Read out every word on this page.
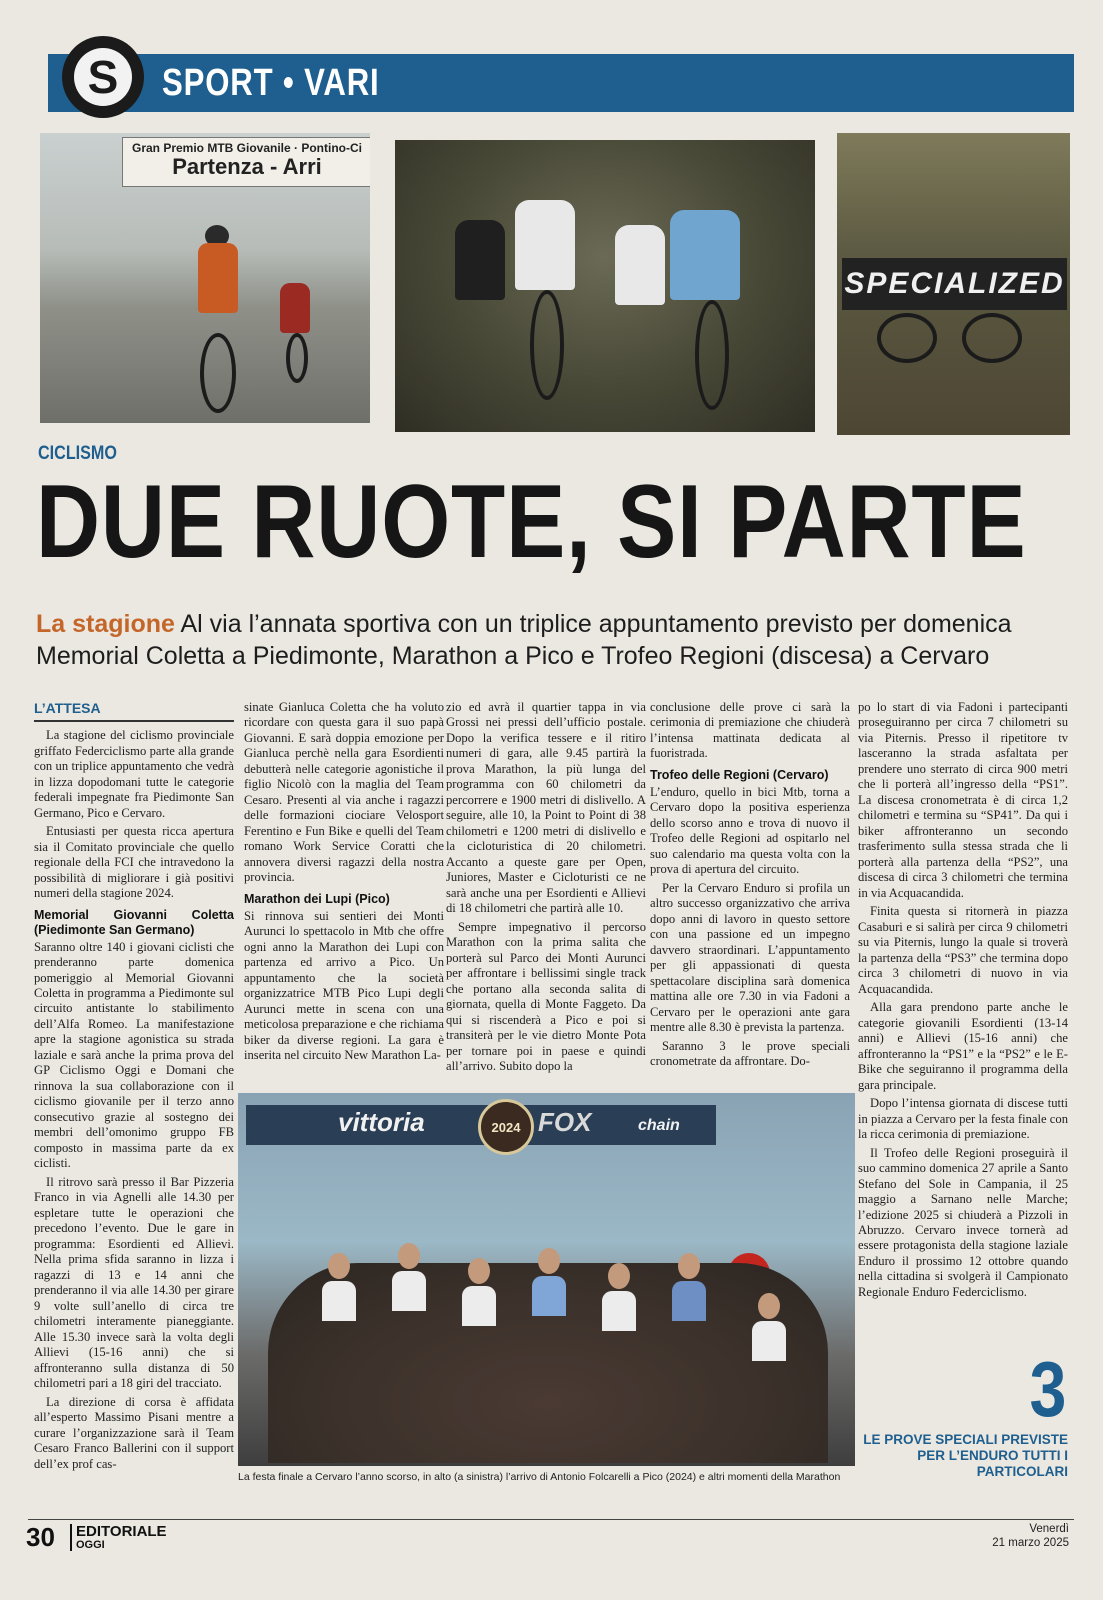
S	SPORT • VARI
Gran Premio MTB Giovanile · Pontino-Ci
Partenza - Arri
SPECIALIZED
CICLISMO
DUE RUOTE, SI PARTE
La stagione Al via l’annata sportiva con un triplice appuntamento previsto per domenica Memorial Coletta a Piedimonte, Marathon a Pico e Trofeo Regioni (discesa) a Cervaro
L’ATTESA

La stagione del ciclismo provinciale griffato Federciclismo parte alla grande con un triplice appuntamento che vedrà in lizza dopodomani tutte le categorie federali impegnate fra Piedimonte San Germano, Pico e Cervaro.

Entusiasti per questa ricca apertura sia il Comitato provinciale che quello regionale della FCI che intravedono la possibilità di migliorare i già positivi numeri della stagione 2024.

Memorial Giovanni Coletta (Piedimonte San Germano)

Saranno oltre 140 i giovani ciclisti che prenderanno parte domenica pomeriggio al Memorial Giovanni Coletta in programma a Piedimonte sul circuito antistante lo stabilimento dell’Alfa Romeo. La manifestazione apre la stagione agonistica su strada laziale e sarà anche la prima prova del GP Ciclismo Oggi e Domani che rinnova la sua collaborazione con il ciclismo giovanile per il terzo anno consecutivo grazie al sostegno dei membri dell’omonimo gruppo FB composto in massima parte da ex ciclisti.

Il ritrovo sarà presso il Bar Pizzeria Franco in via Agnelli alle 14.30 per espletare tutte le operazioni che precedono l’evento. Due le gare in programma: Esordienti ed Allievi. Nella prima sfida saranno in lizza i ragazzi di 13 e 14 anni che prenderanno il via alle 14.30 per girare 9 volte sull’anello di circa tre chilometri interamente pianeggiante. Alle 15.30 invece sarà la volta degli Allievi (15-16 anni) che si affronteranno sulla distanza di 50 chilometri pari a 18 giri del tracciato.

La direzione di corsa è affidata all’esperto Massimo Pisani mentre a curare l’organizzazione sarà il Team Cesaro Franco Ballerini con il support dell’ex prof cas-

sinate Gianluca Coletta che ha voluto ricordare con questa gara il suo papà Giovanni. E sarà doppia emozione per Gianluca perchè nella gara Esordienti debutterà nelle categorie agonistiche il figlio Nicolò con la maglia del Team Cesaro. Presenti al via anche i ragazzi delle formazioni ciociare Velosport Ferentino e Fun Bike e quelli del Team romano Work Service Coratti che annovera diversi ragazzi della nostra provincia.

Marathon dei Lupi (Pico)

Si rinnova sui sentieri dei Monti Aurunci lo spettacolo in Mtb che offre ogni anno la Marathon dei Lupi con partenza ed arrivo a Pico. Un appuntamento che la società organizzatrice MTB Pico Lupi degli Aurunci mette in scena con una meticolosa preparazione e che richiama biker da diverse regioni. La gara è inserita nel circuito New Marathon La-

zio ed avrà il quartier tappa in via Grossi nei pressi dell’ufficio postale. Dopo la verifica tessere e il ritiro numeri di gara, alle 9.45 partirà la prova Marathon, la più lunga del programma con 60 chilometri da percorrere e 1900 metri di dislivello. A seguire, alle 10, la Point to Point di 38 chilometri e 1200 metri di dislivello e la cicloturistica di 20 chilometri. Accanto a queste gare per Open, Juniores, Master e Cicloturisti ce ne sarà anche una per Esordienti e Allievi di 18 chilometri che partirà alle 10.

Sempre impegnativo il percorso Marathon con la prima salita che porterà sul Parco dei Monti Aurunci per affrontare i bellissimi single track che portano alla seconda salita di giornata, quella di Monte Faggeto. Da qui si riscenderà a Pico e poi si transiterà per le vie dietro Monte Pota per tornare poi in paese e quindi all’arrivo. Subito dopo la

conclusione delle prove ci sarà la cerimonia di premiazione che chiuderà l’intensa mattinata dedicata al fuoristrada.

Trofeo delle Regioni (Cervaro)

L’enduro, quello in bici Mtb, torna a Cervaro dopo la positiva esperienza dello scorso anno e trova di nuovo il Trofeo delle Regioni ad ospitarlo nel suo calendario ma questa volta con la prova di apertura del circuito.

Per la Cervaro Enduro si profila un altro successo organizzativo che arriva dopo anni di lavoro in questo settore con una passione ed un impegno davvero straordinari. L’appuntamento per gli appassionati di questa spettacolare disciplina sarà domenica mattina alle ore 7.30 in via Fadoni a Cervaro per le operazioni ante gara mentre alle 8.30 è prevista la partenza.

Saranno 3 le prove speciali cronometrate da affrontare. Do-

po lo start di via Fadoni i partecipanti proseguiranno per circa 7 chilometri su via Piternis. Presso il ripetitore tv lasceranno la strada asfaltata per prendere uno sterrato di circa 900 metri che li porterà all’ingresso della “PS1”. La discesa cronometrata è di circa 1,2 chilometri e termina su “SP41”. Da qui i biker affronteranno un secondo trasferimento sulla stessa strada che li porterà alla partenza della “PS2”, una discesa di circa 3 chilometri che termina in via Acquacandida.

Finita questa si ritornerà in piazza Casaburi e si salirà per circa 9 chilometri su via Piternis, lungo la quale si troverà la partenza della “PS3” che termina dopo circa 3 chilometri di nuovo in via Acquacandida.

Alla gara prendono parte anche le categorie giovanili Esordienti (13-14 anni) e Allievi (15-16 anni) che affronteranno la “PS1” e la “PS2” e le E-Bike che seguiranno il programma della gara principale.

Dopo l’intensa giornata di discese tutti in piazza a Cervaro per la festa finale con la ricca cerimonia di premiazione.

Il Trofeo delle Regioni proseguirà il suo cammino domenica 27 aprile a Santo Stefano del Sole in Campania, il 25 maggio a Sarnano nelle Marche; l’edizione 2025 si chiuderà a Pizzoli in Abruzzo. Cervaro invece tornerà ad essere protagonista della stagione laziale Enduro il prossimo 12 ottobre quando nella cittadina si svolgerà il Campionato Regionale Enduro Federciclismo.

vittoria	FOX	chain
2024
La festa finale a Cervaro l’anno scorso, in alto (a sinistra) l’arrivo di Antonio Folcarelli a Pico (2024) e altri momenti della Marathon
3
LE PROVE SPECIALI PREVISTE PER L’ENDURO TUTTI I PARTICOLARI
30 EDITORIALE
OGGI
Venerdì
21 marzo 2025
